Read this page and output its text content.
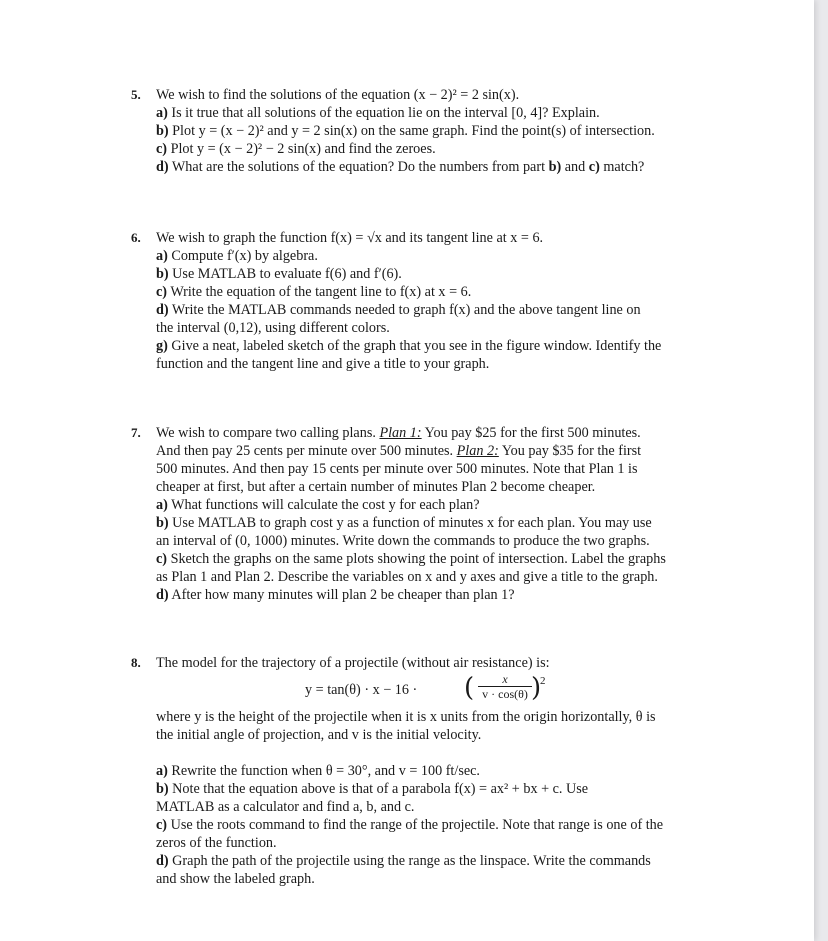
5. We wish to find the solutions of the equation (x − 2)² = 2 sin(x).
a) Is it true that all solutions of the equation lie on the interval [0, 4]? Explain.
b) Plot y = (x − 2)² and y = 2 sin(x) on the same graph. Find the point(s) of intersection.
c) Plot y = (x − 2)² − 2 sin(x) and find the zeroes.
d) What are the solutions of the equation? Do the numbers from part b) and c) match?
6. We wish to graph the function f(x) = √x and its tangent line at x = 6.
a) Compute f′(x) by algebra.
b) Use MATLAB to evaluate f(6) and f′(6).
c) Write the equation of the tangent line to f(x) at x = 6.
d) Write the MATLAB commands needed to graph f(x) and the above tangent line on
the interval (0,12), using different colors.
g) Give a neat, labeled sketch of the graph that you see in the figure window. Identify the
function and the tangent line and give a title to your graph.
7. We wish to compare two calling plans. Plan 1: You pay $25 for the first 500 minutes.
And then pay 25 cents per minute over 500 minutes. Plan 2: You pay $35 for the first
500 minutes. And then pay 15 cents per minute over 500 minutes. Note that Plan 1 is
cheaper at first, but after a certain number of minutes Plan 2 become cheaper.
a) What functions will calculate the cost y for each plan?
b) Use MATLAB to graph cost y as a function of minutes x for each plan. You may use
an interval of (0, 1000) minutes. Write down the commands to produce the two graphs.
c) Sketch the graphs on the same plots showing the point of intersection. Label the graphs
as Plan 1 and Plan 2. Describe the variables on x and y axes and give a title to the graph.
d) After how many minutes will plan 2 be cheaper than plan 1?
8. The model for the trajectory of a projectile (without air resistance) is:
y = tan(θ) · x − 16 · (	x
v · cos(θ) )
2
where y is the height of the projectile when it is x units from the origin horizontally, θ is
the initial angle of projection, and v is the initial velocity.
a) Rewrite the function when θ = 30°, and v = 100 ft/sec.
b) Note that the equation above is that of a parabola f(x) = ax² + bx + c. Use
MATLAB as a calculator and find a, b, and c.
c) Use the roots command to find the range of the projectile. Note that range is one of the
zeros of the function.
d) Graph the path of the projectile using the range as the linspace. Write the commands
and show the labeled graph.
